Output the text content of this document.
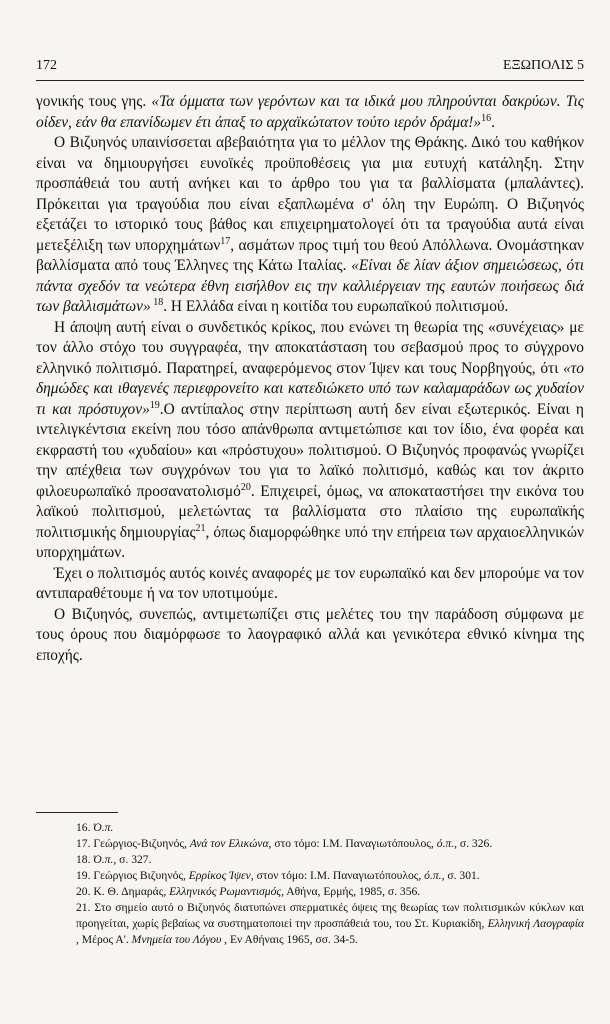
172	ΕΞΩΠΟΛΙΣ 5

γονικής τους γης. «Τα όμματα των γερόντων και τα ιδικά μου πληρούνται δακρύων. Τις οίδεν, εάν θα επανίδωμεν έτι άπαξ το αρχαϊκώτατον τούτο ιερόν δράμα!»$^{16}$.

Ο Βιζυηνός υπαινίσσεται αβεβαιότητα για το μέλλον της Θράκης. Δικό του καθήκον είναι να δημιουργήσει ευνοϊκές προϋποθέσεις για μια ευτυχή κατάληξη. Στην προσπάθειά του αυτή ανήκει και το άρθρο του για τα βαλλίσματα (μπαλάντες). Πρόκειται για τραγούδια που είναι εξαπλωμένα σ' όλη την Ευρώπη. Ο Βιζυηνός εξετάζει το ιστορικό τους βάθος και επιχειρηματολογεί ότι τα τραγούδια αυτά είναι μετεξέλιξη των υπορχημάτων$^{17}$, ασμάτων προς τιμή του θεού Απόλλωνα. Ονομάστηκαν βαλλίσματα από τους Έλληνες της Κάτω Ιταλίας. «Είναι δε λίαν άξιον σημειώσεως, ότι πάντα σχεδόν τα νεώτερα έθνη εισήλθον εις την καλλιέργειαν της εαυτών ποιήσεως διά των βαλλισμάτων» $^{18}$. Η Ελλάδα είναι η κοιτίδα του ευρωπαϊκού πολιτισμού.

Η άποψη αυτή είναι ο συνδετικός κρίκος, που ενώνει τη θεωρία της «συνέχειας» με τον άλλο στόχο του συγγραφέα, την αποκατάσταση του σεβασμού προς το σύγχρονο ελληνικό πολιτισμό. Παρατηρεί, αναφερόμενος στον Ίψεν και τους Νορβηγούς, ότι «το δημώδες και ιθαγενές περιεφρονείτο και κατεδιώκετο υπό των καλαμαράδων ως χυδαίον τι και πρόστυχον»$^{19}$.Ο αντίπαλος στην περίπτωση αυτή δεν είναι εξωτερικός. Είναι η ιντελιγκέντσια εκείνη που τόσο απάνθρωπα αντιμετώπισε και τον ίδιο, ένα φορέα και εκφραστή του «χυδαίου» και «πρόστυχου» πολιτισμού. Ο Βιζυηνός προφανώς γνωρίζει την απέχθεια των συγχρόνων του για το λαϊκό πολιτισμό, καθώς και τον άκριτο φιλοευρωπαϊκό προσανατολισμό$^{20}$. Επιχειρεί, όμως, να αποκαταστήσει την εικόνα του λαϊκού πολιτισμού, μελετώντας τα βαλλίσματα στο πλαίσιο της ευρωπαϊκής πολιτισμικής δημιουργίας$^{21}$, όπως διαμορφώθηκε υπό την επήρεια των αρχαιοελληνικών υπορχημάτων.

Έχει ο πολιτισμός αυτός κοινές αναφορές με τον ευρωπαϊκό και δεν μπορούμε να τον αντιπαραθέτουμε ή να τον υποτιμούμε.

Ο Βιζυηνός, συνεπώς, αντιμετωπίζει στις μελέτες του την παράδοση σύμφωνα με τους όρους που διαμόρφωσε το λαογραφικό αλλά και γενικότερα εθνικό κίνημα της εποχής.

16. Ό.π.

17. Γεώργιος-Βιζυηνός, Ανά τον Ελικώνα, στο τόμο: Ι.Μ. Παναγιωτόπουλος, ό.π., σ. 326.

18. Ό.π., σ. 327.

19. Γεώργιος Βιζυηνός, Ερρίκος Ίψεν, στον τόμο: Ι.Μ. Παναγιωτόπουλος, ό.π., σ. 301.

20. Κ. Θ. Δημαράς, Ελληνικός Ρωμαντισμός, Αθήνα, Ερμής, 1985, σ. 356.

21. Στο σημείο αυτό ο Βιζυηνός διατυπώνει σπερματικές όψεις της θεωρίας των πολιτισμικών κύκλων και προηγείται, χωρίς βεβαίως να συστηματοποιεί την προσπάθειά του, του Στ. Κυριακίδη, Ελληνική Λαογραφία , Μέρος Α'. Μνημεία του Λόγου , Εν Αθήναις 1965, σσ. 34-5.
